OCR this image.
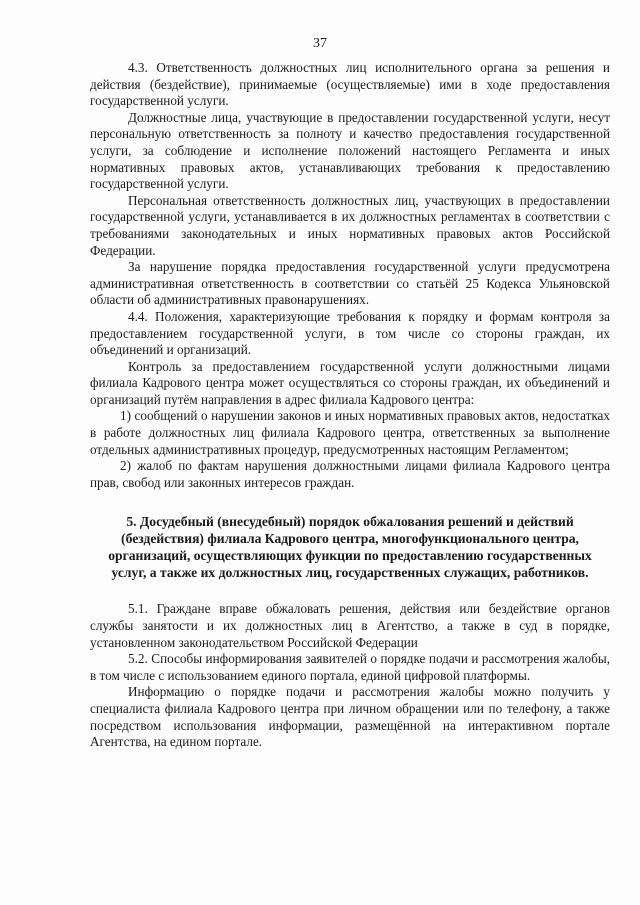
37

4.3. Ответственность должностных лиц исполнительного органа за решения и действия (бездействие), принимаемые (осуществляемые) ими в ходе предоставления государственной услуги.

Должностные лица, участвующие в предоставлении государственной услуги, несут персональную ответственность за полноту и качество предоставления государственной услуги, за соблюдение и исполнение положений настоящего Регламента и иных нормативных правовых актов, устанавливающих требования к предоставлению государственной услуги.

Персональная ответственность должностных лиц, участвующих в предоставлении государственной услуги, устанавливается в их должностных регламентах в соответствии с требованиями законодательных и иных нормативных правовых актов Российской Федерации.

За нарушение порядка предоставления государственной услуги предусмотрена административная ответственность в соответствии со статьёй 25 Кодекса Ульяновской области об административных правонарушениях.

4.4. Положения, характеризующие требования к порядку и формам контроля за предоставлением государственной услуги, в том числе со стороны граждан, их объединений и организаций.

Контроль за предоставлением государственной услуги должностными лицами филиала Кадрового центра может осуществляться со стороны граждан, их объединений и организаций путём направления в адрес филиала Кадрового центра:

1) сообщений о нарушении законов и иных нормативных правовых актов, недостатках в работе должностных лиц филиала Кадрового центра, ответственных за выполнение отдельных административных процедур, предусмотренных настоящим Регламентом;

2) жалоб по фактам нарушения должностными лицами филиала Кадрового центра прав, свобод или законных интересов граждан.

5. Досудебный (внесудебный) порядок обжалования решений и действий (бездействия) филиала Кадрового центра, многофункционального центра, организаций, осуществляющих функции по предоставлению государственных услуг, а также их должностных лиц, государственных служащих, работников.

5.1. Граждане вправе обжаловать решения, действия или бездействие органов службы занятости и их должностных лиц в Агентство, а также в суд в порядке, установленном законодательством Российской Федерации

5.2. Способы информирования заявителей о порядке подачи и рассмотрения жалобы, в том числе с использованием единого портала, единой цифровой платформы.

Информацию о порядке подачи и рассмотрения жалобы можно получить у специалиста филиала Кадрового центра при личном обращении или по телефону, а также посредством использования информации, размещённой на интерактивном портале Агентства, на едином портале.
